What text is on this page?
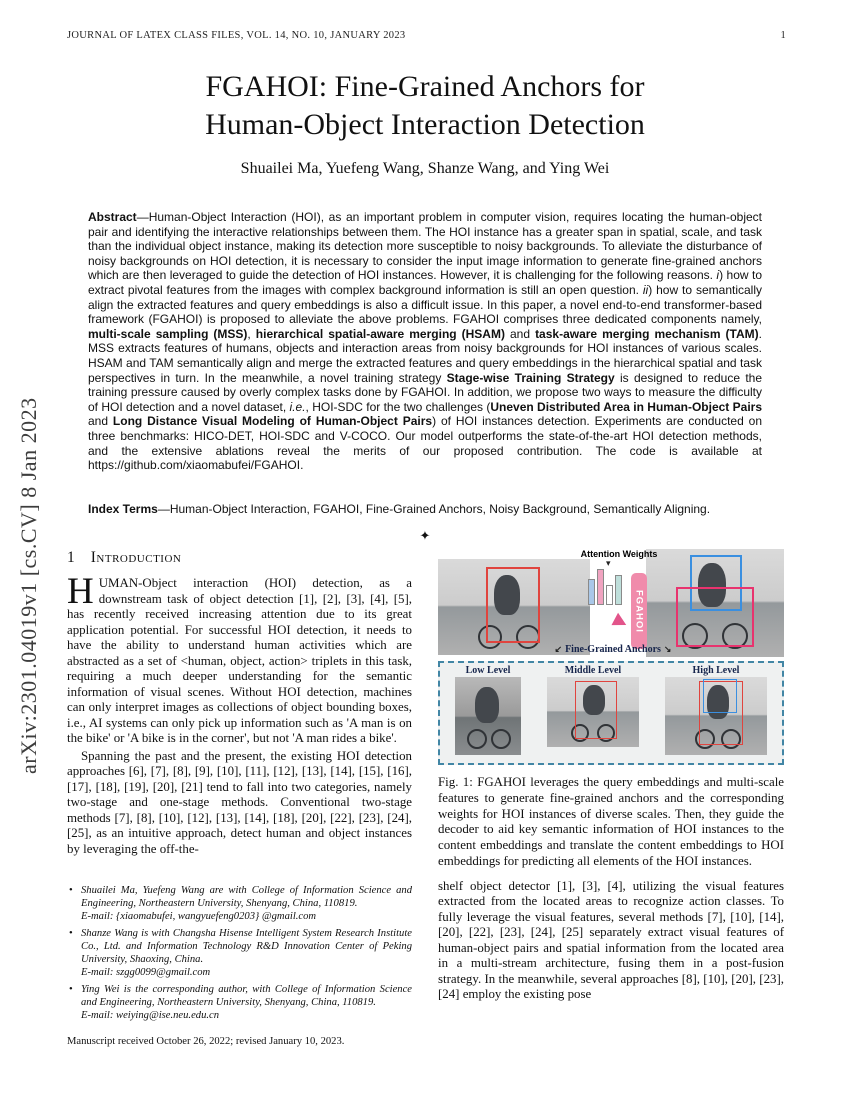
JOURNAL OF LATEX CLASS FILES, VOL. 14, NO. 10, JANUARY 2023	1
arXiv:2301.04019v1 [cs.CV] 8 Jan 2023
FGAHOI: Fine-Grained Anchors for
Human-Object Interaction Detection
Shuailei Ma, Yuefeng Wang, Shanze Wang, and Ying Wei

Abstract—Human-Object Interaction (HOI), as an important problem in computer vision, requires locating the human-object pair and identifying the interactive relationships between them. The HOI instance has a greater span in spatial, scale, and task than the individual object instance, making its detection more susceptible to noisy backgrounds. To alleviate the disturbance of noisy backgrounds on HOI detection, it is necessary to consider the input image information to generate fine-grained anchors which are then leveraged to guide the detection of HOI instances. However, it is challenging for the following reasons. i) how to extract pivotal features from the images with complex background information is still an open question. ii) how to semantically align the extracted features and query embeddings is also a difficult issue. In this paper, a novel end-to-end transformer-based framework (FGAHOI) is proposed to alleviate the above problems. FGAHOI comprises three dedicated components namely, multi-scale sampling (MSS), hierarchical spatial-aware merging (HSAM) and task-aware merging mechanism (TAM). MSS extracts features of humans, objects and interaction areas from noisy backgrounds for HOI instances of various scales. HSAM and TAM semantically align and merge the extracted features and query embeddings in the hierarchical spatial and task perspectives in turn. In the meanwhile, a novel training strategy Stage-wise Training Strategy is designed to reduce the training pressure caused by overly complex tasks done by FGAHOI. In addition, we propose two ways to measure the difficulty of HOI detection and a novel dataset, i.e., HOI-SDC for the two challenges (Uneven Distributed Area in Human-Object Pairs and Long Distance Visual Modeling of Human-Object Pairs) of HOI instances detection. Experiments are conducted on three benchmarks: HICO-DET, HOI-SDC and V-COCO. Our model outperforms the state-of-the-art HOI detection methods, and the extensive ablations reveal the merits of our proposed contribution. The code is available at https://github.com/xiaomabufei/FGAHOI.

Index Terms—Human-Object Interaction, FGAHOI, Fine-Grained Anchors, Noisy Background, Semantically Aligning.

✦
1 Introduction

HUMAN-Object interaction (HOI) detection, as a downstream task of object detection [1], [2], [3], [4], [5], has recently received increasing attention due to its great application potential. For successful HOI detection, it needs to have the ability to understand human activities which are abstracted as a set of <human, object, action> triplets in this task, requiring a much deeper understanding for the semantic information of visual scenes. Without HOI detection, machines can only interpret images as collections of object bounding boxes, i.e., AI systems can only pick up information such as 'A man is on the bike' or 'A bike is in the corner', but not 'A man rides a bike'.

Spanning the past and the present, the existing HOI detection approaches [6], [7], [8], [9], [10], [11], [12], [13], [14], [15], [16], [17], [18], [19], [20], [21] tend to fall into two categories, namely two-stage and one-stage methods. Conventional two-stage methods [7], [8], [10], [12], [13], [14], [18], [20], [22], [23], [24], [25], as an intuitive approach, detect human and object instances by leveraging the off-the-

Attention Weights
▾
FGAHOI
↙ Fine-Grained Anchors ↘
Low Level	Middle Level	High Level

Fig. 1: FGAHOI leverages the query embeddings and multi-scale features to generate fine-grained anchors and the corresponding weights for HOI instances of diverse scales. Then, they guide the decoder to aid key semantic information of HOI instances to the content embeddings and translate the content embeddings to HOI embeddings for predicting all elements of the HOI instances.

shelf object detector [1], [3], [4], utilizing the visual features extracted from the located areas to recognize action classes. To fully leverage the visual features, several methods [7], [10], [14], [20], [22], [23], [24], [25] separately extract visual features of human-object pairs and spatial information from the located area in a multi-stream architecture, fusing them in a post-fusion strategy. In the meanwhile, several approaches [8], [10], [20], [23], [24] employ the existing pose

• Shuailei Ma, Yuefeng Wang are with College of Information Science and Engineering, Northeastern University, Shenyang, China, 110819.
E-mail: {xiaomabufei, wangyuefeng0203} @gmail.com
• Shanze Wang is with Changsha Hisense Intelligent System Research Institute Co., Ltd. and Information Technology R&D Innovation Center of Peking University, Shaoxing, China.
E-mail: szgg0099@gmail.com
• Ying Wei is the corresponding author, with College of Information Science and Engineering, Northeastern University, Shenyang, China, 110819.
E-mail: weiying@ise.neu.edu.cn
Manuscript received October 26, 2022; revised January 10, 2023.
